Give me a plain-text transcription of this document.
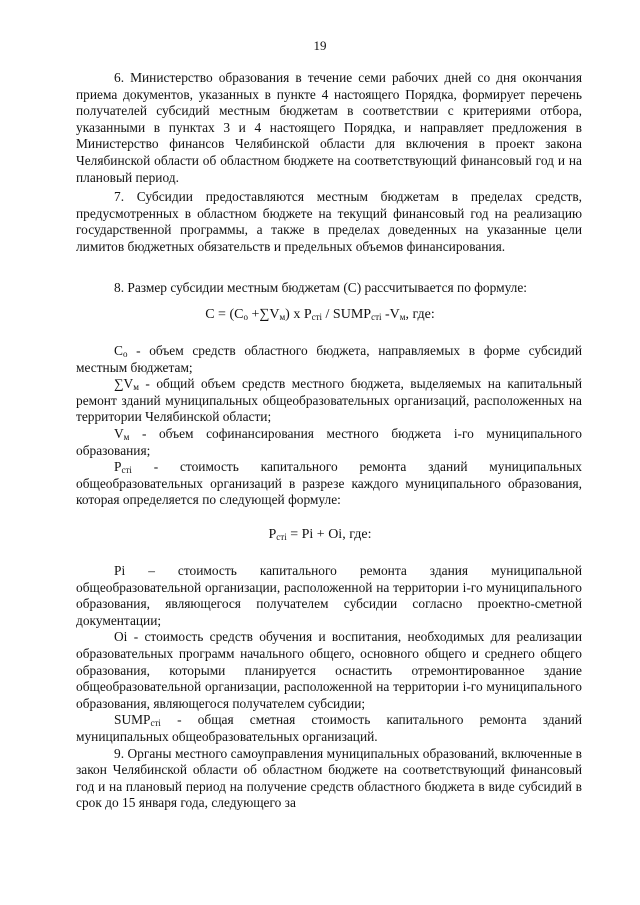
19

6. Министерство образования в течение семи рабочих дней со дня окончания приема документов, указанных в пункте 4 настоящего Порядка, формирует перечень получателей субсидий местным бюджетам в соответствии с критериями отбора, указанными в пунктах 3 и 4 настоящего Порядка, и направляет предложения в Министерство финансов Челябинской области для включения в проект закона Челябинской области об областном бюджете на соответствующий финансовый год и на плановый период.

7. Субсидии предоставляются местным бюджетам в пределах средств, предусмотренных в областном бюджете на текущий финансовый год на реализацию государственной программы, а также в пределах доведенных на указанные цели лимитов бюджетных обязательств и предельных объемов финансирования.

8. Размер субсидии местным бюджетам (С) рассчитывается по формуле:

$С = (С_о +\sum V_м)$ х $Р_{сті}$ / $SUMP_{сті}$ $-V_м$, где:

$С_о$ - объем средств областного бюджета, направляемых в форме субсидий местным бюджетам;

$\sum V_м$ - общий объем средств местного бюджета, выделяемых на капитальный ремонт зданий муниципальных общеобразовательных организаций, расположенных на территории Челябинской области;

$V_м$ - объем софинансирования местного бюджета i-го муниципального образования;

$Р_{сті}$ - стоимость капитального ремонта зданий муниципальных общеобразовательных организаций в разрезе каждого муниципального образования, которая определяется по следующей формуле:

$Р_{сті}$ = Рі + Оі, где:

Рі – стоимость капитального ремонта здания муниципальной общеобразовательной организации, расположенной на территории i-го муниципального образования, являющегося получателем субсидии согласно проектно-сметной документации;

Оі - стоимость средств обучения и воспитания, необходимых для реализации образовательных программ начального общего, основного общего и среднего общего образования, которыми планируется оснастить отремонтированное здание общеобразовательной организации, расположенной на территории i-го муниципального образования, являющегося получателем субсидии;

$SUMP_{сті}$ - общая сметная стоимость капитального ремонта зданий муниципальных общеобразовательных организаций.

9. Органы местного самоуправления муниципальных образований, включенные в закон Челябинской области об областном бюджете на соответствующий финансовый год и на плановый период на получение средств областного бюджета в виде субсидий в срок до 15 января года, следующего за
